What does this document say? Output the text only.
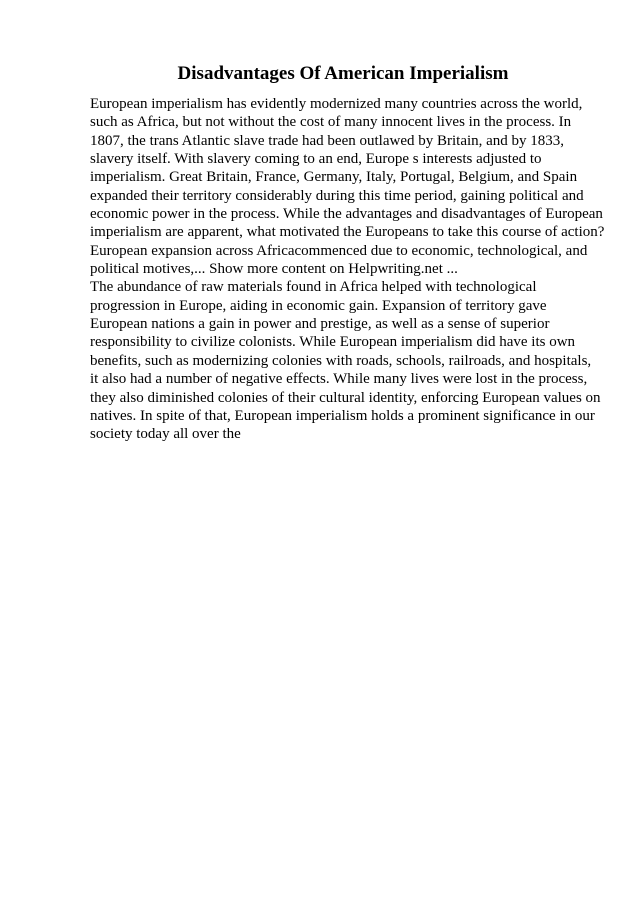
Disadvantages Of American Imperialism
European imperialism has evidently modernized many countries across the world,
such as Africa, but not without the cost of many innocent lives in the process. In
1807, the trans Atlantic slave trade had been outlawed by Britain, and by 1833,
slavery itself. With slavery coming to an end, Europe s interests adjusted to
imperialism. Great Britain, France, Germany, Italy, Portugal, Belgium, and Spain
expanded their territory considerably during this time period, gaining political and
economic power in the process. While the advantages and disadvantages of European
imperialism are apparent, what motivated the Europeans to take this course of action?
European expansion across Africacommenced due to economic, technological, and
political motives,... Show more content on Helpwriting.net ...
The abundance of raw materials found in Africa helped with technological
progression in Europe, aiding in economic gain. Expansion of territory gave
European nations a gain in power and prestige, as well as a sense of superior
responsibility to civilize colonists. While European imperialism did have its own
benefits, such as modernizing colonies with roads, schools, railroads, and hospitals,
it also had a number of negative effects. While many lives were lost in the process,
they also diminished colonies of their cultural identity, enforcing European values on
natives. In spite of that, European imperialism holds a prominent significance in our
society today all over the
